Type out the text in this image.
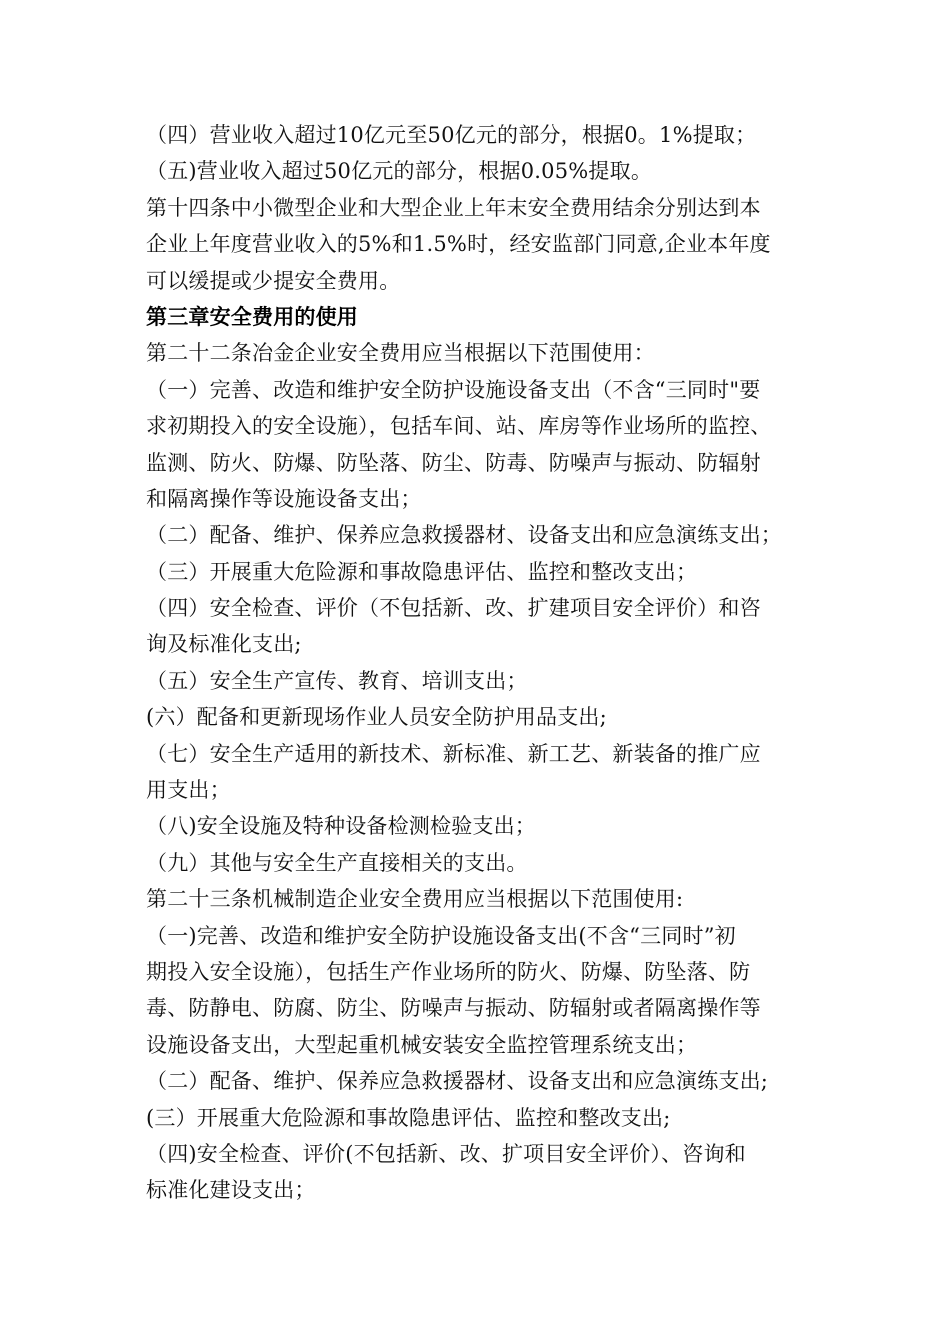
（四）营业收入超过10亿元至50亿元的部分，根据0。1%提取；
（五)营业收入超过50亿元的部分，根据0.05%提取。
第十四条中小微型企业和大型企业上年末安全费用结余分别达到本
企业上年度营业收入的5%和1.5%时，经安监部门同意,企业本年度
可以缓提或少提安全费用。
第三章安全费用的使用
第二十二条冶金企业安全费用应当根据以下范围使用：
（一）完善、改造和维护安全防护设施设备支出（不含“三同时"要
求初期投入的安全设施），包括车间、站、库房等作业场所的监控、
监测、防火、防爆、防坠落、防尘、防毒、防噪声与振动、防辐射
和隔离操作等设施设备支出；
（二）配备、维护、保养应急救援器材、设备支出和应急演练支出；
（三）开展重大危险源和事故隐患评估、监控和整改支出；
（四）安全检查、评价（不包括新、改、扩建项目安全评价）和咨
询及标准化支出;
（五）安全生产宣传、教育、培训支出；
(六）配备和更新现场作业人员安全防护用品支出;
（七）安全生产适用的新技术、新标准、新工艺、新装备的推广应
用支出；
（八)安全设施及特种设备检测检验支出；
（九）其他与安全生产直接相关的支出。
第二十三条机械制造企业安全费用应当根据以下范围使用:
（一)完善、改造和维护安全防护设施设备支出(不含“三同时”初
期投入安全设施），包括生产作业场所的防火、防爆、防坠落、防
毒、防静电、防腐、防尘、防噪声与振动、防辐射或者隔离操作等
设施设备支出，大型起重机械安装安全监控管理系统支出；
（二）配备、维护、保养应急救援器材、设备支出和应急演练支出;
(三）开展重大危险源和事故隐患评估、监控和整改支出;
（四)安全检查、评价(不包括新、改、扩项目安全评价）、咨询和
标准化建设支出；
